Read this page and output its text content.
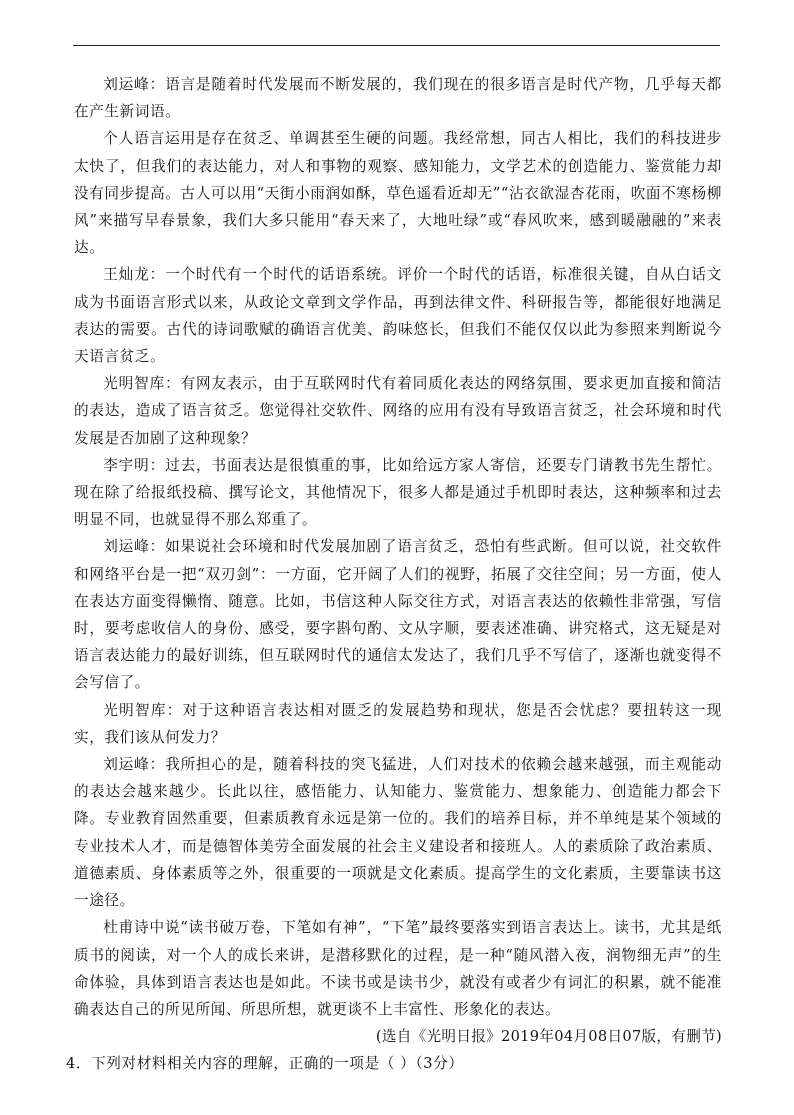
刘运峰：语言是随着时代发展而不断发展的，我们现在的很多语言是时代产物，几乎每天都在产生新词语。

个人语言运用是存在贫乏、单调甚至生硬的问题。我经常想，同古人相比，我们的科技进步太快了，但我们的表达能力，对人和事物的观察、感知能力，文学艺术的创造能力、鉴赏能力却没有同步提高。古人可以用“天街小雨润如酥，草色遥看近却无”“沾衣欲湿杏花雨，吹面不寒杨柳风”来描写早春景象，我们大多只能用“春天来了，大地吐绿”或“春风吹来，感到暖融融的”来表达。

王灿龙：一个时代有一个时代的话语系统。评价一个时代的话语，标准很关键，自从白话文成为书面语言形式以来，从政论文章到文学作品，再到法律文件、科研报告等，都能很好地满足表达的需要。古代的诗词歌赋的确语言优美、韵味悠长，但我们不能仅仅以此为参照来判断说今天语言贫乏。

光明智库：有网友表示，由于互联网时代有着同质化表达的网络氛围，要求更加直接和简洁的表达，造成了语言贫乏。您觉得社交软件、网络的应用有没有导致语言贫乏，社会环境和时代发展是否加剧了这种现象？

李宇明：过去，书面表达是很慎重的事，比如给远方家人寄信，还要专门请教书先生帮忙。现在除了给报纸投稿、撰写论文，其他情况下，很多人都是通过手机即时表达，这种频率和过去明显不同，也就显得不那么郑重了。

刘运峰：如果说社会环境和时代发展加剧了语言贫乏，恐怕有些武断。但可以说，社交软件和网络平台是一把“双刃剑”：一方面，它开阔了人们的视野，拓展了交往空间；另一方面，使人在表达方面变得懒惰、随意。比如，书信这种人际交往方式，对语言表达的依赖性非常强，写信时，要考虑收信人的身份、感受，要字斟句酌、文从字顺，要表述准确、讲究格式，这无疑是对语言表达能力的最好训练，但互联网时代的通信太发达了，我们几乎不写信了，逐渐也就变得不会写信了。

光明智库：对于这种语言表达相对匮乏的发展趋势和现状，您是否会忧虑？要扭转这一现实，我们该从何发力？

刘运峰：我所担心的是，随着科技的突飞猛进，人们对技术的依赖会越来越强，而主观能动的表达会越来越少。长此以往，感悟能力、认知能力、鉴赏能力、想象能力、创造能力都会下降。专业教育固然重要，但素质教育永远是第一位的。我们的培养目标，并不单纯是某个领域的专业技术人才，而是德智体美劳全面发展的社会主义建设者和接班人。人的素质除了政治素质、道德素质、身体素质等之外，很重要的一项就是文化素质。提高学生的文化素质，主要靠读书这一途径。

杜甫诗中说“读书破万卷，下笔如有神”，“下笔”最终要落实到语言表达上。读书，尤其是纸质书的阅读，对一个人的成长来讲，是潜移默化的过程，是一种“随风潜入夜，润物细无声”的生命体验，具体到语言表达也是如此。不读书或是读书少，就没有或者少有词汇的积累，就不能准确表达自己的所见所闻、所思所想，就更谈不上丰富性、形象化的表达。

(选自《光明日报》2019年04月08日07版，有删节)

4．下列对材料相关内容的理解，正确的一项是（ ）（3分）
